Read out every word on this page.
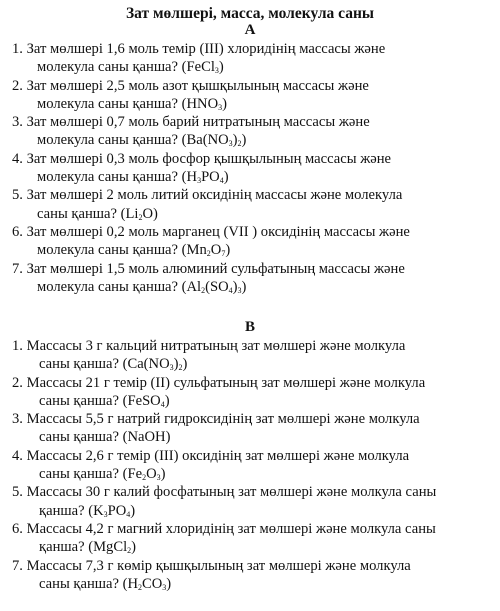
Зат мөлшері, масса, молекула саны
A
1. Зат мөлшері 1,6 моль темір (III) хлоридінің массасы және
молекула саны қанша? (FeCl$_3$)
2. Зат мөлшері 2,5 моль азот қышқылының массасы және
молекула саны қанша? $(HNO_3)$
3. Зат мөлшері 0,7 моль барий нитратының массасы және
молекула саны қанша? $(Ba(NO_3)_2)$
4. Зат мөлшері 0,3 моль фосфор қышқылының массасы және
молекула саны қанша? $(H_3PO_4)$
5. Зат мөлшері 2 моль литий оксидінің массасы және молекула
саны қанша? $(Li_2O)$
6. Зат мөлшері 0,2 моль марганец (VII ) оксидінің массасы және
молекула саны қанша? $(Mn_2O_7)$
7. Зат мөлшері 1,5 моль алюминий сульфатының массасы және
молекула саны қанша? $(Al_2(SO_4)_3)$
B
1. Массасы 3 г кальций нитратының зат мөлшері және молкула
саны қанша? $(Ca(NO_3)_2)$
2. Массасы 21 г темір (II) сульфатының зат мөлшері және молкула
саны қанша? (FeSO$_4$)
3. Массасы 5,5 г натрий гидроксидінің зат мөлшері және молкула
саны қанша? (NaOH)
4. Массасы 2,6 г темір (III) оксидінің зат мөлшері және молкула
саны қанша? $(Fe_2O_3)$
5. Массасы 30 г калий фосфатының зат мөлшері және молкула саны
қанша? $(K_3PO_4)$
6. Массасы 4,2 г магний хлоридінің зат мөлшері және молкула саны
қанша? (MgCl$_2$)
7. Массасы 7,3 г көмір қышқылының зат мөлшері және молкула
саны қанша? $(H_2CO_3)$
